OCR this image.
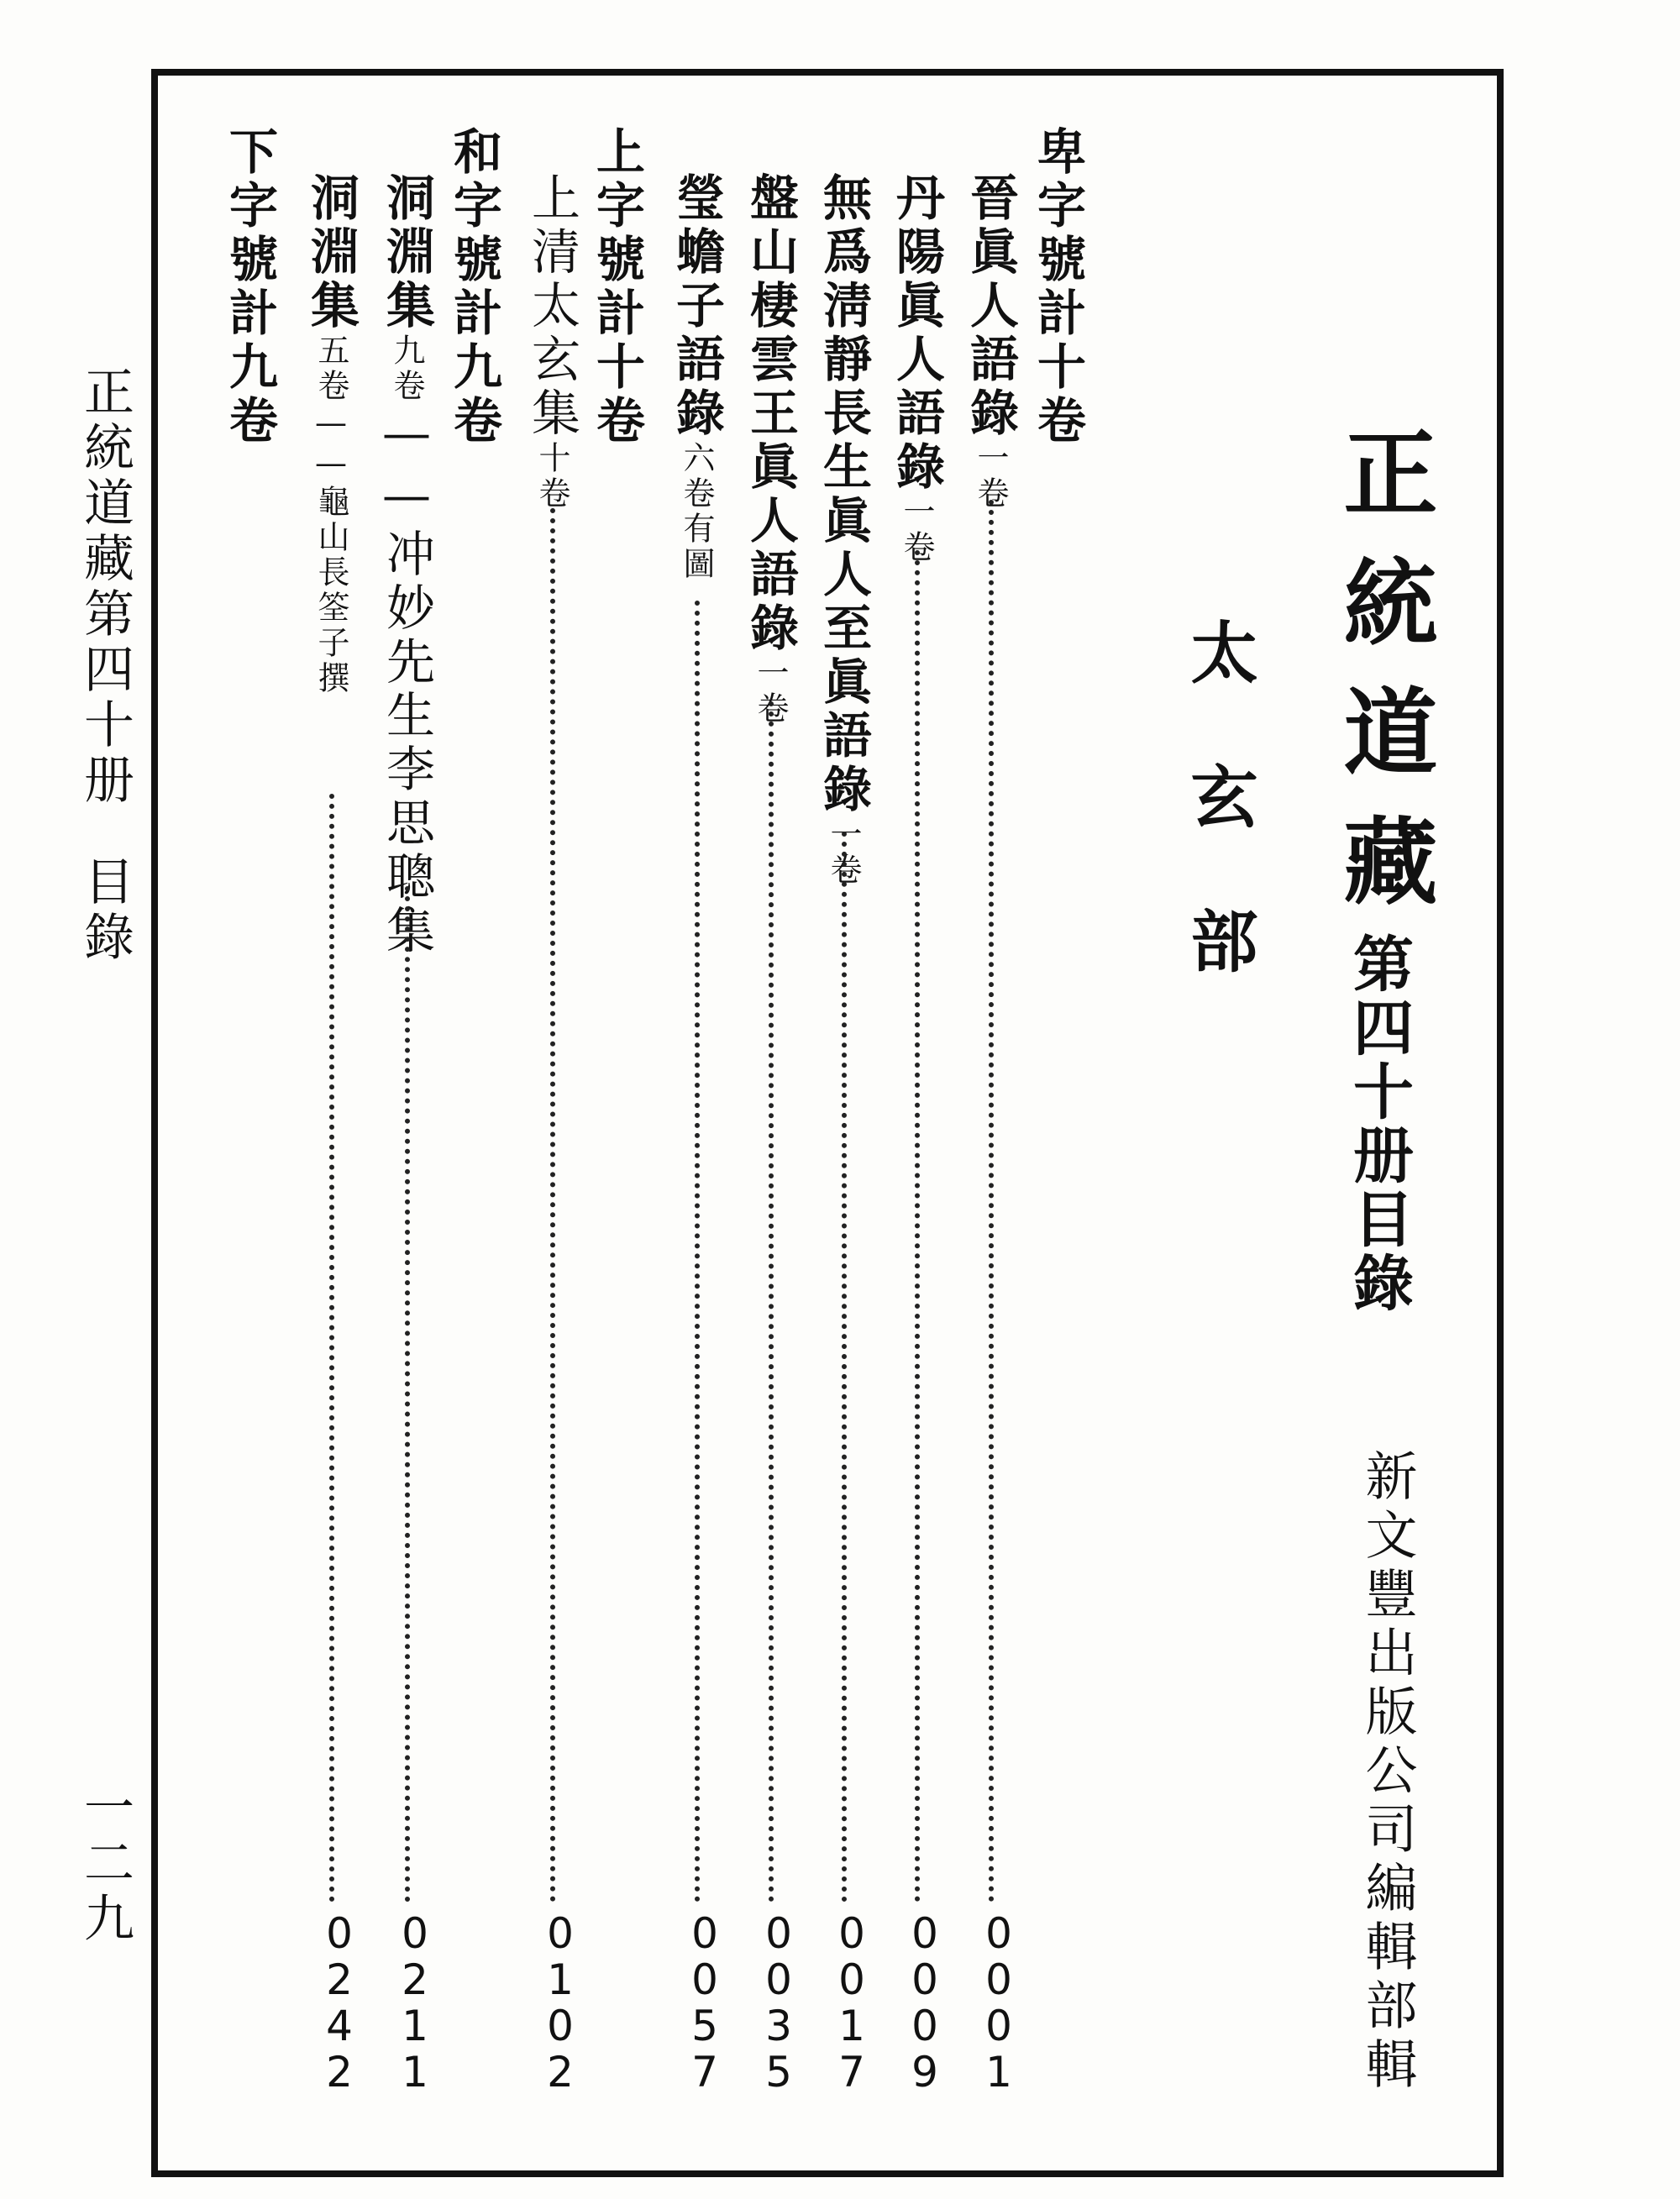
正統道藏
太玄部
第四十册目錄
新文豐出版公司編輯部輯
卑字號計十卷
晉眞人語錄一卷
0
0
0
1
丹陽眞人語錄一卷
0
0
0
9
無爲淸靜長生眞人至眞語錄一卷
0
0
1
7
盤山棲雲王眞人語錄一卷
0
0
3
5
瑩蟾子語錄六卷有圖
0
0
5
7
上字號計十卷
上清太玄集十卷
0
1
0
2
和字號計九卷
洞淵集九卷——冲妙先生李思聰集
0
2
1
1
洞淵集五卷——龜山長筌子撰
0
2
4
2
下字號計九卷
正統道藏第四十册目錄
一二九
